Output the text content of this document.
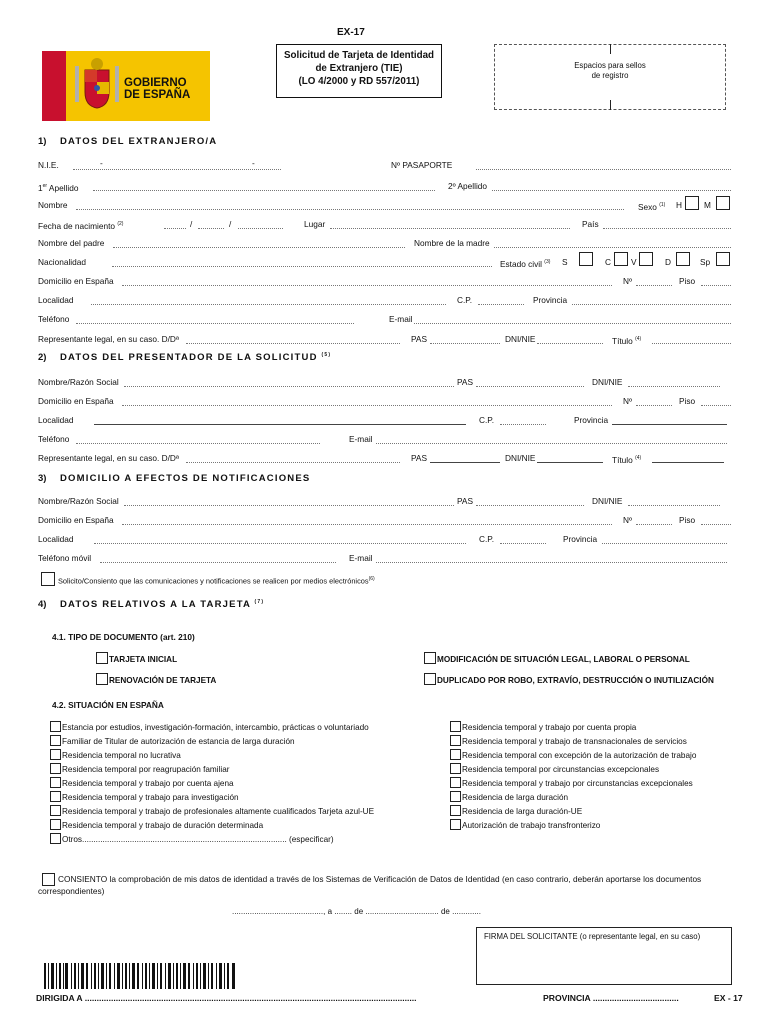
EX-17
GOBIERNO
DE ESPAÑA
Solicitud de Tarjeta de Identidad
de Extranjero (TIE)
(LO 4/2000 y RD 557/2011)
Espacios para sellos
de registro
1) DATOS DEL EXTRANJERO/A
N.I.E.	-	-	Nº PASAPORTE
1er Apellido	2º Apellido
Nombre	Sexo $^{(1)}$ H	M
Fecha de nacimiento $^{(2)}$	/	/	Lugar	País
Nombre del padre	Nombre de la madre
Nacionalidad	Estado civil $^{(3)}$ S	C V	D	Sp
Domicilio en España	Nº	Piso
Localidad	C.P.	Provincia
Teléfono	E-mail
Representante legal, en su caso. D/Dª	PAS	DNI/NIE	Título $^{(4)}$
2) DATOS DEL PRESENTADOR DE LA SOLICITUD $^{(5)}$
Nombre/Razón Social	PAS	DNI/NIE
Domicilio en España	Nº	Piso
Localidad	C.P.	Provincia
Teléfono	E-mail
Representante legal, en su caso. D/Dª	PAS	DNI/NIE	Título $^{(4)}$
3) DOMICILIO A EFECTOS DE NOTIFICACIONES
Nombre/Razón Social	PAS	DNI/NIE
Domicilio en España	Nº	Piso
Localidad	C.P.	Provincia
Teléfono móvil	E-mail
Solicito/Consiento que las comunicaciones y notificaciones se realicen por medios electrónicos$^{(6)}$
4) DATOS RELATIVOS A LA TARJETA $^{(7)}$
4.1. TIPO DE DOCUMENTO (art. 210)
TARJETA INICIAL	MODIFICACIÓN DE SITUACIÓN LEGAL, LABORAL O PERSONAL
RENOVACIÓN DE TARJETA	DUPLICADO POR ROBO, EXTRAVÍO, DESTRUCCIÓN O INUTILIZACIÓN
4.2. SITUACIÓN EN ESPAÑA
Estancia por estudios, investigación-formación, intercambio, prácticas o voluntariado
Familiar de Titular de autorización de estancia de larga duración
Residencia temporal no lucrativa
Residencia temporal por reagrupación familiar
Residencia temporal y trabajo por cuenta ajena
Residencia temporal y trabajo para investigación
Residencia temporal y trabajo de profesionales altamente cualificados Tarjeta azul-UE
Residencia temporal y trabajo de duración determinada
Otros.......................................................................................... (especificar)
Residencia temporal y trabajo por cuenta propia
Residencia temporal y trabajo de transnacionales de servicios
Residencia temporal con excepción de la autorización de trabajo
Residencia temporal por circunstancias excepcionales
Residencia temporal y trabajo por circunstancias excepcionales
Residencia de larga duración
Residencia de larga duración-UE
Autorización de trabajo transfronterizo
CONSIENTO la comprobación de mis datos de identidad a través de los Sistemas de Verificación de Datos de Identidad (en caso contrario, deberán aportarse los documentos
correspondientes)
........................................., a ........ de ................................. de .............
FIRMA DEL SOLICITANTE (o representante legal, en su caso)
DIRIGIDA A ...........................................................................................................................................	PROVINCIA ....................................	EX - 17
